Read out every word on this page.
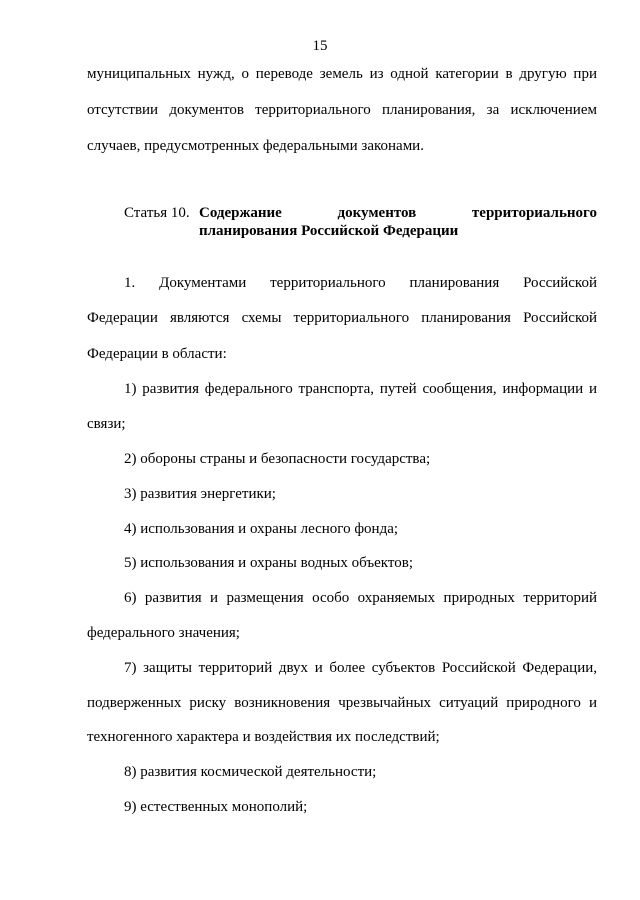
15
муниципальных нужд, о переводе земель из одной категории в другую при
отсутствии документов территориального планирования, за исключением
случаев, предусмотренных федеральными законами.
Статья 10. Содержание документов территориального
планирования Российской Федерации
1. Документами территориального планирования Российской
Федерации являются схемы территориального планирования Российской
Федерации в области:
1) развития федерального транспорта, путей сообщения, информации и
связи;
2) обороны страны и безопасности государства;
3) развития энергетики;
4) использования и охраны лесного фонда;
5) использования и охраны водных объектов;
6) развития и размещения особо охраняемых природных территорий
федерального значения;
7) защиты территорий двух и более субъектов Российской Федерации,
подверженных риску возникновения чрезвычайных ситуаций природного и
техногенного характера и воздействия их последствий;
8) развития космической деятельности;
9) естественных монополий;
